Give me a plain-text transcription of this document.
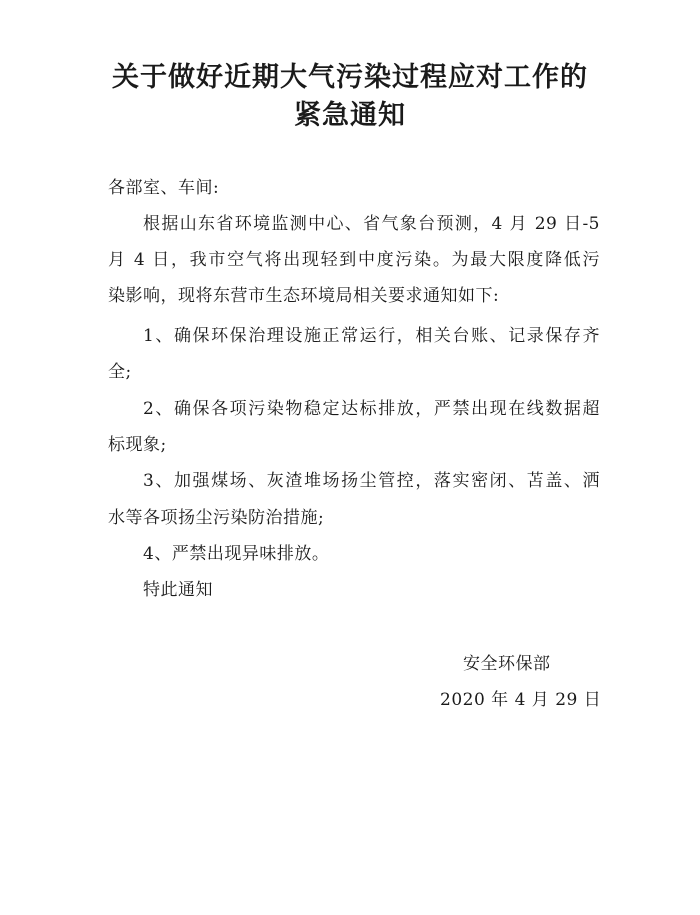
关于做好近期大气污染过程应对工作的
紧急通知
各部室、车间:
根据山东省环境监测中心、省气象台预测，4 月 29 日-5
月 4 日，我市空气将出现轻到中度污染。为最大限度降低污
染影响，现将东营市生态环境局相关要求通知如下:
1、确保环保治理设施正常运行，相关台账、记录保存齐
全;
2、确保各项污染物稳定达标排放，严禁出现在线数据超
标现象;
3、加强煤场、灰渣堆场扬尘管控，落实密闭、苫盖、洒
水等各项扬尘污染防治措施;
4、严禁出现异味排放。
特此通知
安全环保部
2020 年 4 月 29 日
